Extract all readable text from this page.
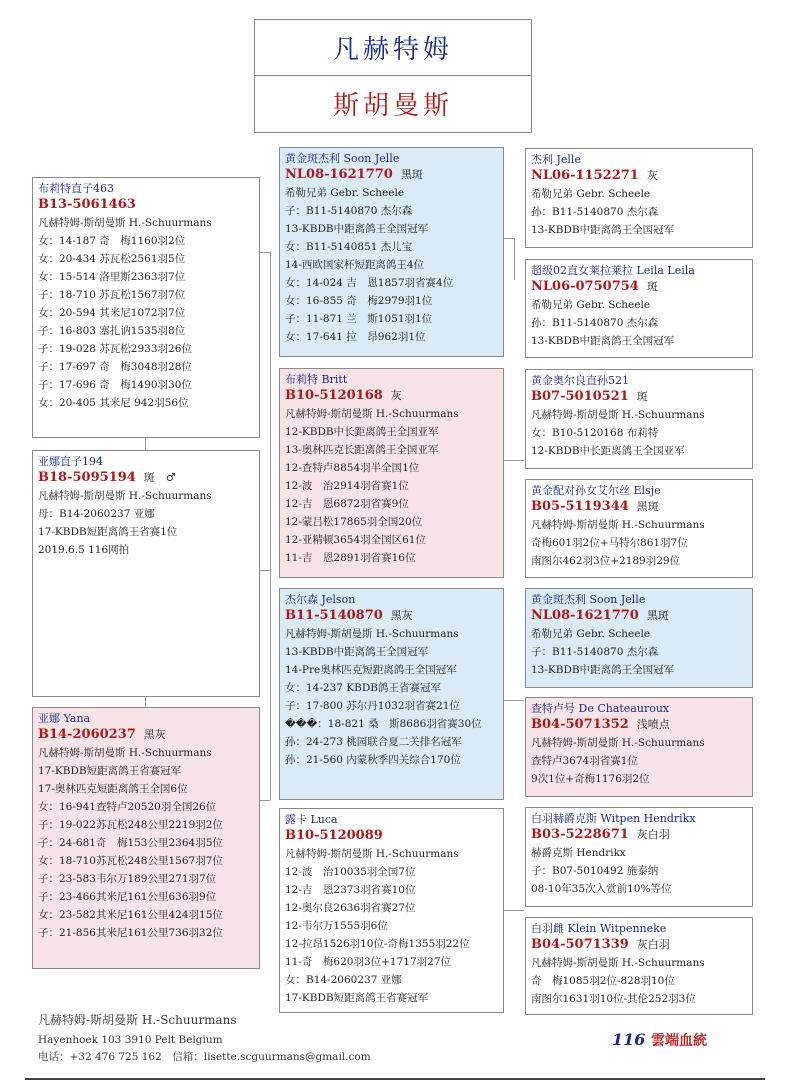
凡赫特姆
斯胡曼斯
布莉特直子463
B13-5061463
凡赫特姆-斯胡曼斯 H.-Schuurmans
女：14-187 奇　梅1160羽2位
女：20-434 苏瓦松2561羽5位
女：15-514 洛里斯2363羽7位
子：18-710 苏瓦松1567羽7位
女：20-594 其米尼1072羽7位
子：16-803 塞扎讷1535羽8位
子：19-028 苏瓦松2933羽26位
子：17-697 奇　梅3048羽28位
子：17-696 奇　梅1490羽30位
女：20-405 其米尼 942羽56位
亚娜直子194
B18-5095194 斑　♂
凡赫特姆-斯胡曼斯 H.-Schuurmans
母：B14-2060237 亚娜
17-KBDB短距离鸽王省赛1位
2019.6.5 116网拍
亚娜 Yana
B14-2060237 黑灰
凡赫特姆-斯胡曼斯 H.-Schuurmans
17-KBDB短距离鸽王省赛冠军
17-奥林匹克短距离鸽王全国6位
女：16-941查特卢20520羽全国26位
子：19-022苏瓦松248公里2219羽2位
子：24-681奇　梅153公里2364羽5位
女：18-710苏瓦松248公里1567羽7位
子：23-583韦尔万189公里271羽7位
子：23-466其米尼161公里636羽9位
女：23-582其米尼161公里424羽15位
子：21-856其米尼161公里736羽32位
黄金斑杰利 Soon Jelle
NL08-1621770 黑斑
希勒兄弟 Gebr. Scheele
子：B11-5140870 杰尔森
13-KBDB中距离鸽王全国冠军
女：B11-5140851 杰儿宝
14-西欧国家杯短距离鸽王4位
女：14-024 吉　恩1857羽省赛4位
女：16-855 奇　梅2979羽1位
子：11-871 兰　斯1051羽1位
女：17-641 拉　昂962羽1位
布莉特 Britt
B10-5120168 灰
凡赫特姆-斯胡曼斯 H.-Schuurmans
12-KBDB中长距离鸽王全国亚军
13-奥林匹克长距离鸽王全国亚军
12-查特卢8854羽半全国1位
12-波　治2914羽省赛1位
12-吉　恩6872羽省赛9位
12-蒙吕松17865羽全国20位
12-亚精顿3654羽全国区61位
11-吉　恩2891羽省赛16位
杰尔森 Jelson
B11-5140870 黑灰
凡赫特姆-斯胡曼斯 H.-Schuurmans
13-KBDB中距离鸽王全国冠军
14-Pre奥林匹克短距离鸽王全国冠军
女：14-237 KBDB鸽王省赛冠军
子：17-800 苏尔丹1032羽省赛21位
���：18-821 桑　斯8686羽省赛30位
孙：24-273 桃园联合夏二关排名冠军
孙：21-560 内蒙秋季四关综合170位
露卡 Luca
B10-5120089
凡赫特姆-斯胡曼斯 H.-Schuurmans
12-波　治10035羽全国7位
12-吉　恩2373羽省赛10位
12-奥尔良2636羽省赛27位
12-韦尔万1555羽6位
12-拉昂1526羽10位-奇梅1355羽22位
11-奇　梅620羽3位+1717羽27位
女：B14-2060237 亚娜
17-KBDB短距离鸽王省赛冠军
杰利 Jelle
NL06-1152271 灰
希勒兄弟 Gebr. Scheele
孙：B11-5140870 杰尔森
13-KBDB中距离鸽王全国冠军
超级02直女莱拉莱拉 Leila Leila
NL06-0750754 斑
希勒兄弟 Gebr. Scheele
孙：B11-5140870 杰尔森
13-KBDB中距离鸽王全国冠军
黄金奥尔良直孙521
B07-5010521 斑
凡赫特姆-斯胡曼斯 H.-Schuurmans
女：B10-5120168 布莉特
12-KBDB中长距离鸽王全国亚军
黄金配对孙女艾尔丝 Elsje
B05-5119344 黑斑
凡赫特姆-斯胡曼斯 H.-Schuurmans
奇梅601羽2位+马特尔861羽7位
南图尔462羽3位+2189羽29位
黄金斑杰利 Soon Jelle
NL08-1621770 黑斑
希勒兄弟 Gebr. Scheele
子：B11-5140870 杰尔森
13-KBDB中距离鸽王全国冠军
查特卢号 De Chateauroux
B04-5071352 浅喷点
凡赫特姆-斯胡曼斯 H.-Schuurmans
查特卢3674羽省赛1位
9次1位+奇梅1176羽2位
白羽赫爵克斯 Witpen Hendrikx
B03-5228671 灰白羽
赫爵克斯 Hendrikx
子：B07-5010492 施泰纳
08-10年35次入赏前10%等位
白羽雌 Klein Witpenneke
B04-5071339 灰白羽
凡赫特姆-斯胡曼斯 H.-Schuurmans
奇　梅1085羽2位-828羽10位
南图尔1631羽10位-其伦252羽3位
凡赫特姆-斯胡曼斯 H.-Schuurmans
Hayenhoek 103 3910 Pelt Belgium
电话：+32 476 725 162　信箱：lisette.scguurmans@gmail.com
116 雲端血統
